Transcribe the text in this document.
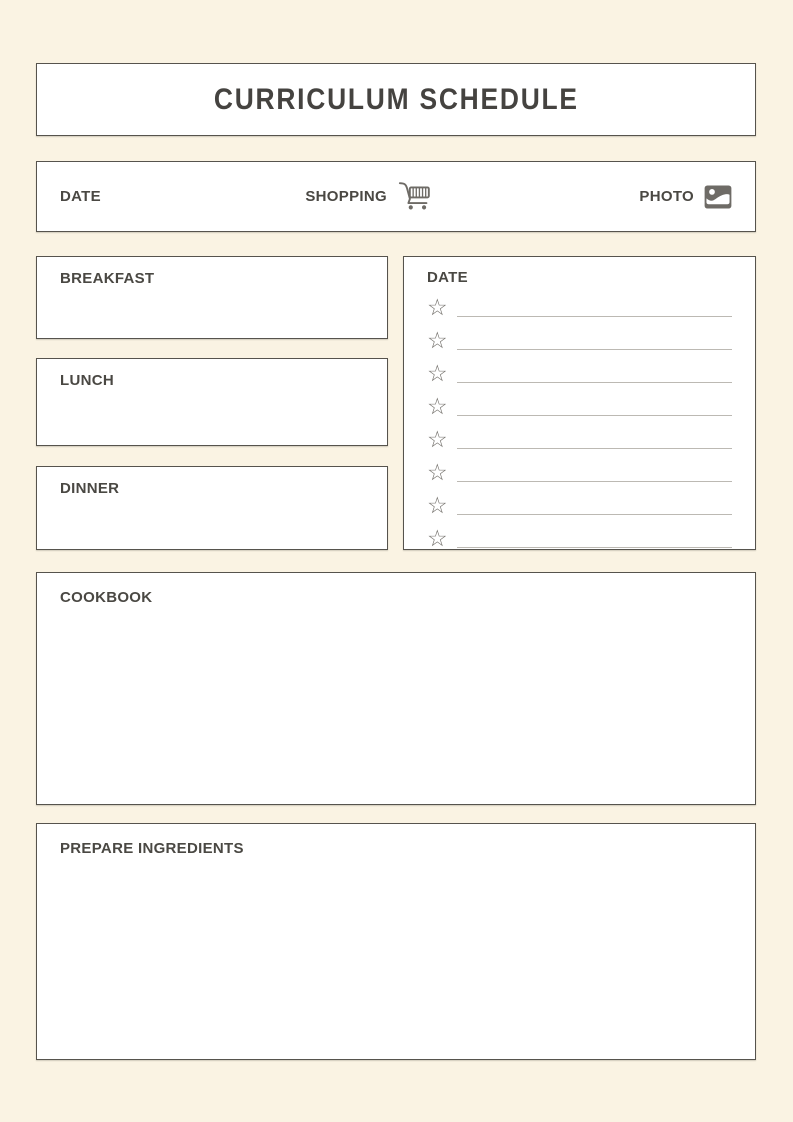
CURRICULUM SCHEDULE
DATE	SHOPPING	PHOTO
BREAKFAST
LUNCH
DINNER
DATE
☆
☆
☆
☆
☆
☆
☆
☆
COOKBOOK
PREPARE INGREDIENTS
